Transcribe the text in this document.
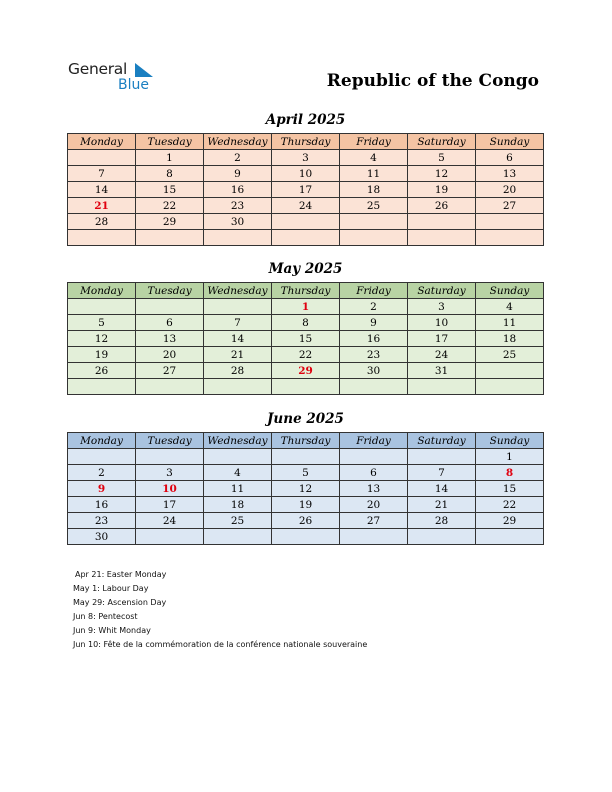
General
Blue	Republic of the Congo
April 2025
Monday	Tuesday	Wednesday	Thursday	Friday	Saturday	Sunday
	1	2	3	4	5	6
7	8	9	10	11	12	13
14	15	16	17	18	19	20
21	22	23	24	25	26	27
28	29	30				

May 2025
Monday	Tuesday	Wednesday	Thursday	Friday	Saturday	Sunday
			1	2	3	4
5	6	7	8	9	10	11
12	13	14	15	16	17	18
19	20	21	22	23	24	25
26	27	28	29	30	31	

June 2025
Monday	Tuesday	Wednesday	Thursday	Friday	Saturday	Sunday
						1
2	3	4	5	6	7	8
9	10	11	12	13	14	15
16	17	18	19	20	21	22
23	24	25	26	27	28	29
30						
Apr 21: Easter Monday
May 1: Labour Day
May 29: Ascension Day
Jun 8: Pentecost
Jun 9: Whit Monday
Jun 10: Fête de la commémoration de la conférence nationale souveraine
